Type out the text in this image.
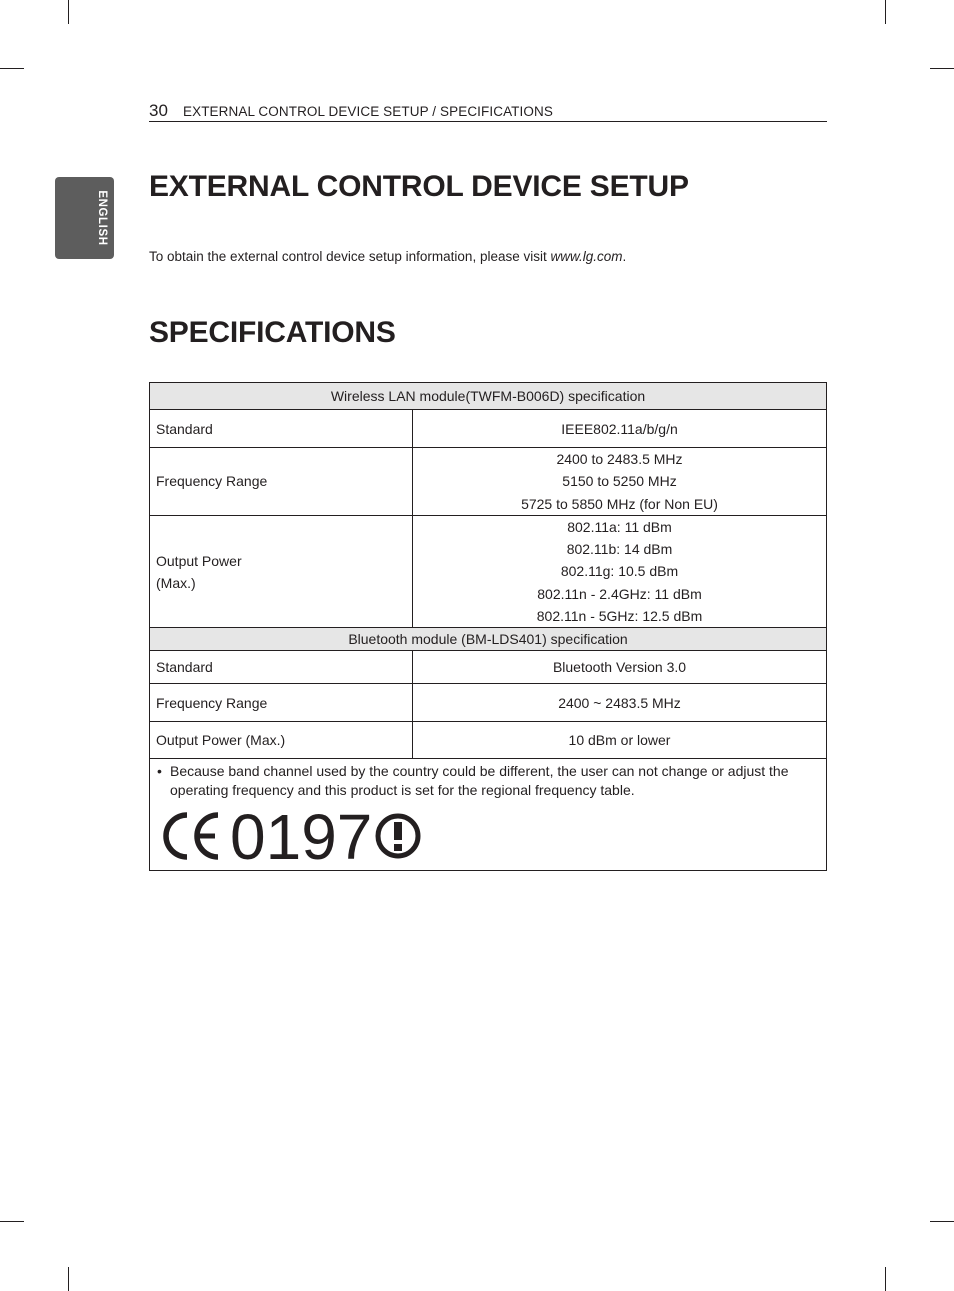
30 EXTERNAL CONTROL DEVICE SETUP / SPECIFICATIONS
ENGLISH
EXTERNAL CONTROL DEVICE SETUP
To obtain the external control device setup information, please visit www.lg.com.
SPECIFICATIONS
Wireless LAN module(TWFM-B006D) specification	
Standard	IEEE802.11a/b/g/n
Frequency Range	2400 to 2483.5 MHz
5150 to 5250 MHz
5725 to 5850 MHz (for Non EU)

Output Power
(Max.)	802.11a: 11 dBm
802.11b: 14 dBm
802.11g: 10.5 dBm
802.11n - 2.4GHz: 11 dBm
802.11n - 5GHz: 12.5 dBm

Bluetooth module (BM-LDS401) specification	
Standard	Bluetooth Version 3.0
Frequency Range	2400 ~ 2483.5 MHz
Output Power (Max.)	10 dBm or lower

• Because band channel used by the country could be different, the user can not change or adjust the operating frequency and this product is set for the regional frequency table.
0197	
